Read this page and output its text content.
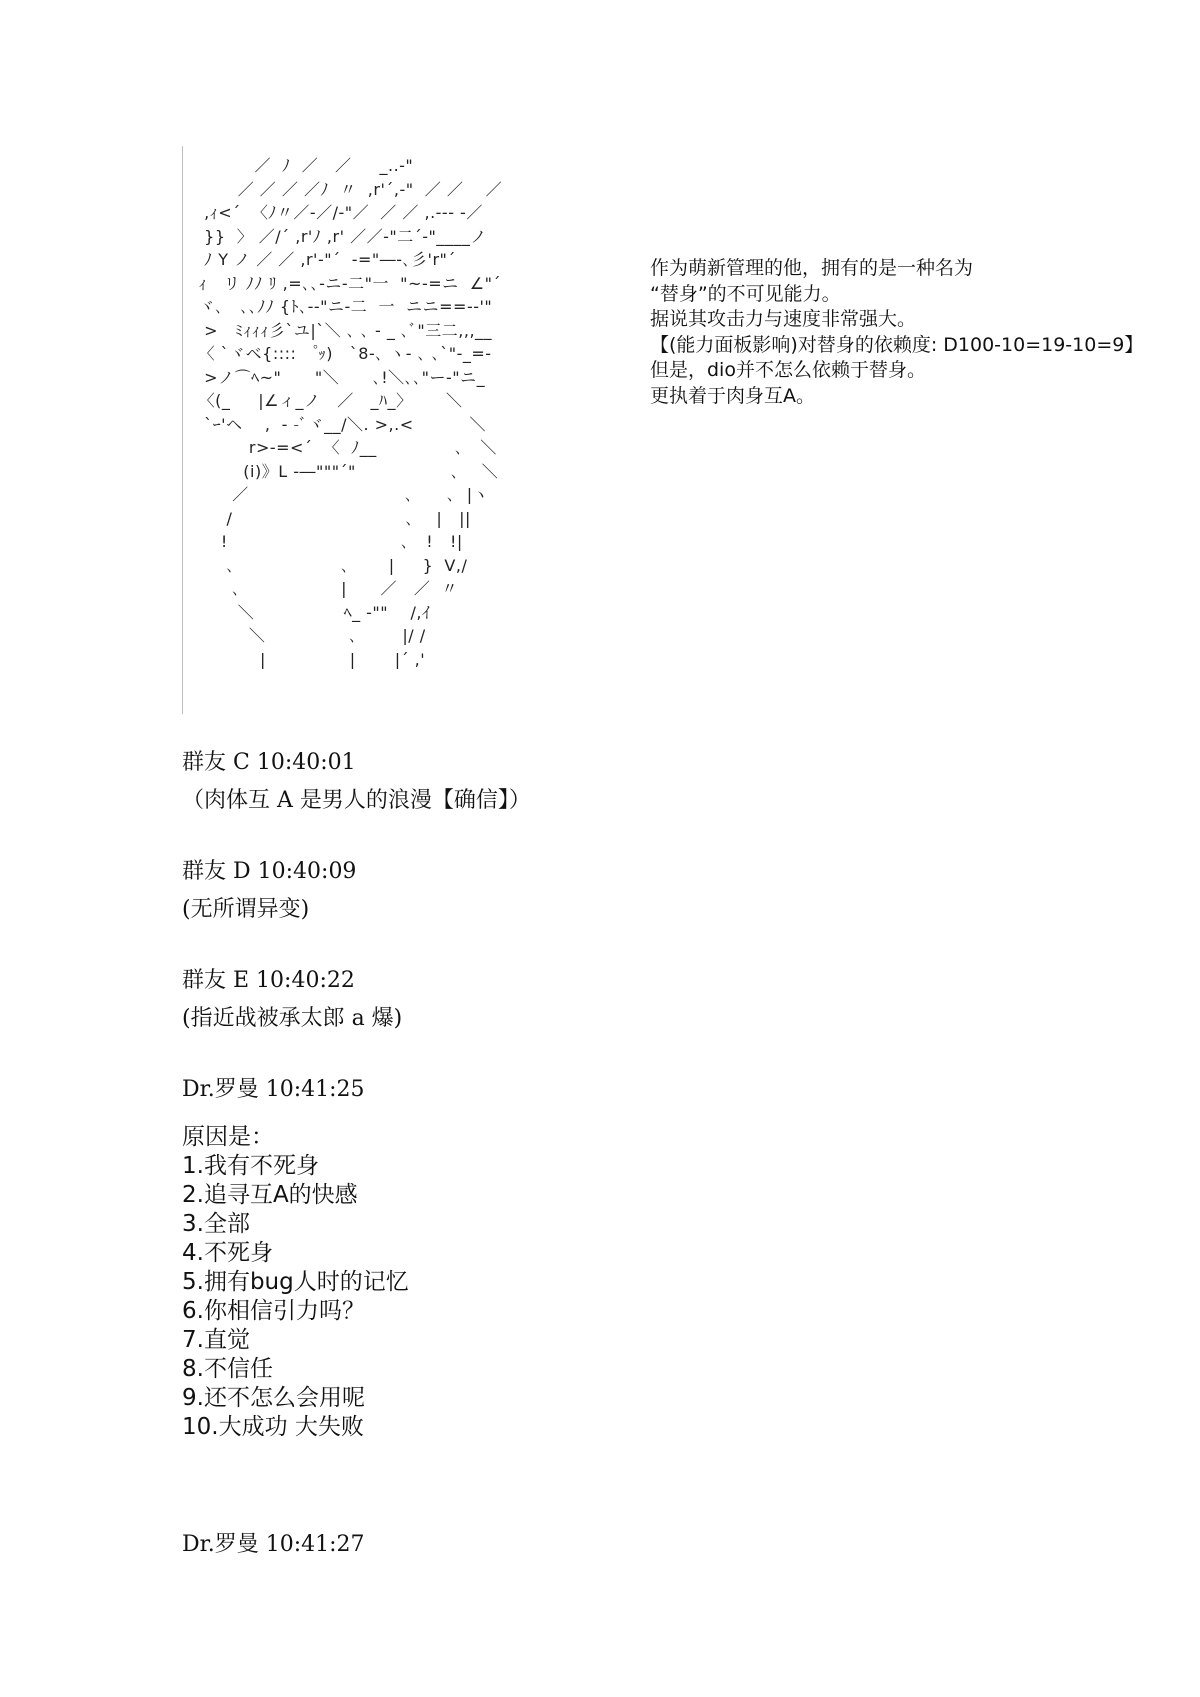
／  ﾉ  ／   ／     _..-"
／ ／ ／ ／ﾉ  〃  ,r'´,-"  ／ ／    ／
,ｨ<´  〈ﾉ〃／-／/-"／  ／ ／ ,.--‐ -／
}}  〉 ／/´ ,r'ﾉ ,r' ／／-"二´-"____ノ
ﾉ Y ノ ／ ／ ,r'-"´  -="―-､彡'r"´
ｨ   リ ﾉﾉ ﾘ ,=､､-ニ-二"一  "~-=ニ  ∠"´
ヾ､   ､､ﾉﾉ {ﾄ､-‐"ニ-二  一  ニニ==‐-'"
>   ﾐｨｨｨ彡`ユ|`＼ ､ ､ - _ ､ﾞ"三二,,,__
〈 `ヾベ{::::    ゚ｯ)   `8-､ ヽ- ､ ､`"-_=-
>ノ⌒ﾍ~"      "＼      ､!＼､､"ー-"ニ_
〈(_     |∠ィ_ノ   ／   _ﾊ_〉      ＼
`ｰ'ヘ    ,  - -ﾞヾ__/＼. >,.<          ＼
r>-=<´  〈  ﾉ__              ､   ＼
(i)》L ‐―"""´"                 ､    ＼
／                            ､      ､  |ヽ
/                               ､    |   ||
!                               ､   !   !|
､                   ､       |     }  V,/
､                  |      ／   ／  〃
＼                ﾍ_ -""    /,ｲ
＼               ､        |/ /
|               |       |´ ,'
作为萌新管理的他，拥有的是一种名为
“替身”的不可见能力。
据说其攻击力与速度非常强大。
【(能力面板影响)对替身的依赖度: D100-10=19-10=9】
但是，dio并不怎么依赖于替身。
更执着于肉身互A。
群友 C 10:40:01
（肉体互 A 是男人的浪漫【确信】）
群友 D 10:40:09
(无所谓异变)
群友 E 10:40:22
(指近战被承太郎 a 爆)
Dr.罗曼 10:41:25
原因是：
1.我有不死身
2.追寻互A的快感
3.全部
4.不死身
5.拥有bug人时的记忆
6.你相信引力吗？
7.直觉
8.不信任
9.还不怎么会用呢
10.大成功 大失败
Dr.罗曼 10:41:27
